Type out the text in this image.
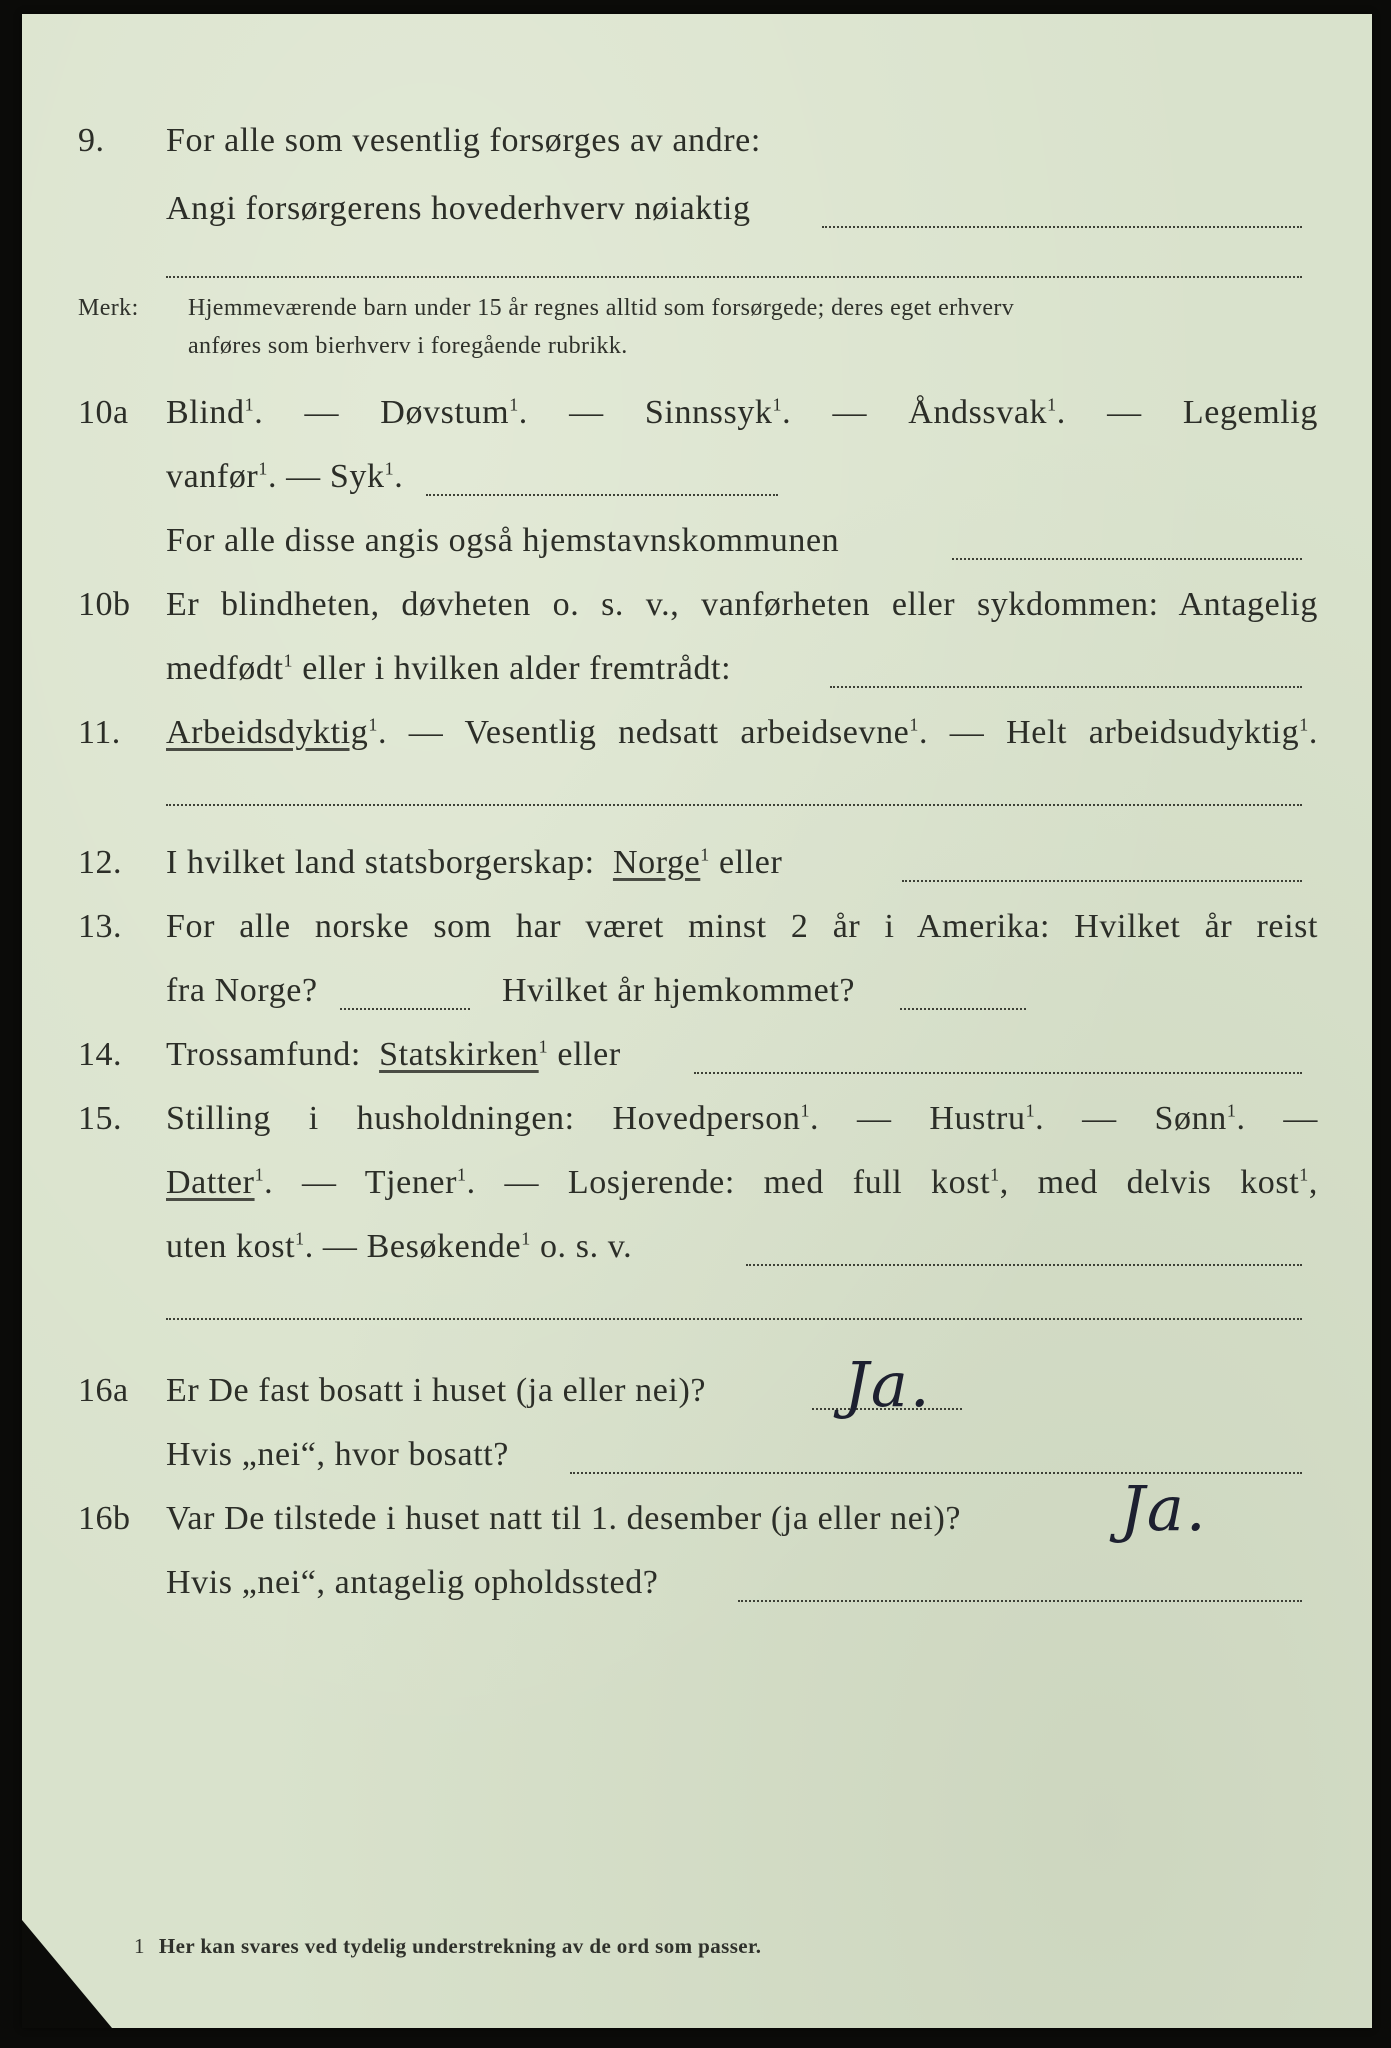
9. For alle som vesentlig forsørges av andre:
Angi forsørgerens hovederhverv nøiaktig
Merk: Hjemmeværende barn under 15 år regnes alltid som forsørgede; deres eget erhverv
anføres som bierhverv i foregående rubrikk.
10a Blind$^1$. — Døvstum$^1$. — Sinnssyk$^1$. — Åndssvak$^1$. — Legemlig
vanfør$^1$. — Syk$^1$.
For alle disse angis også hjemstavnskommunen
10b Er blindheten, døvheten o. s. v., vanførheten eller sykdommen: Antagelig
medfødt$^1$ eller i hvilken alder fremtrådt:
11. Arbeidsdyktig$^1$. — Vesentlig nedsatt arbeidsevne$^1$. — Helt arbeidsudyktig$^1$.
12. I hvilket land statsborgerskap: Norge$^1$ eller
13. For alle norske som har været minst 2 år i Amerika: Hvilket år reist
fra Norge?	Hvilket år hjemkommet?
14. Trossamfund: Statskirken$^1$ eller
15. Stilling i husholdningen: Hovedperson$^1$. — Hustru$^1$. — Sønn$^1$. —
Datter$^1$. — Tjener$^1$. — Losjerende: med full kost$^1$, med delvis kost$^1$,
uten kost$^1$. — Besøkende$^1$ o. s. v.
16a Er De fast bosatt i huset (ja eller nei)? Ja.
Hvis „nei“, hvor bosatt?
16b Var De tilstede i huset natt til 1. desember (ja eller nei)?	Ja.
Hvis „nei“, antagelig opholdssted?
1 Her kan svares ved tydelig understrekning av de ord som passer.
